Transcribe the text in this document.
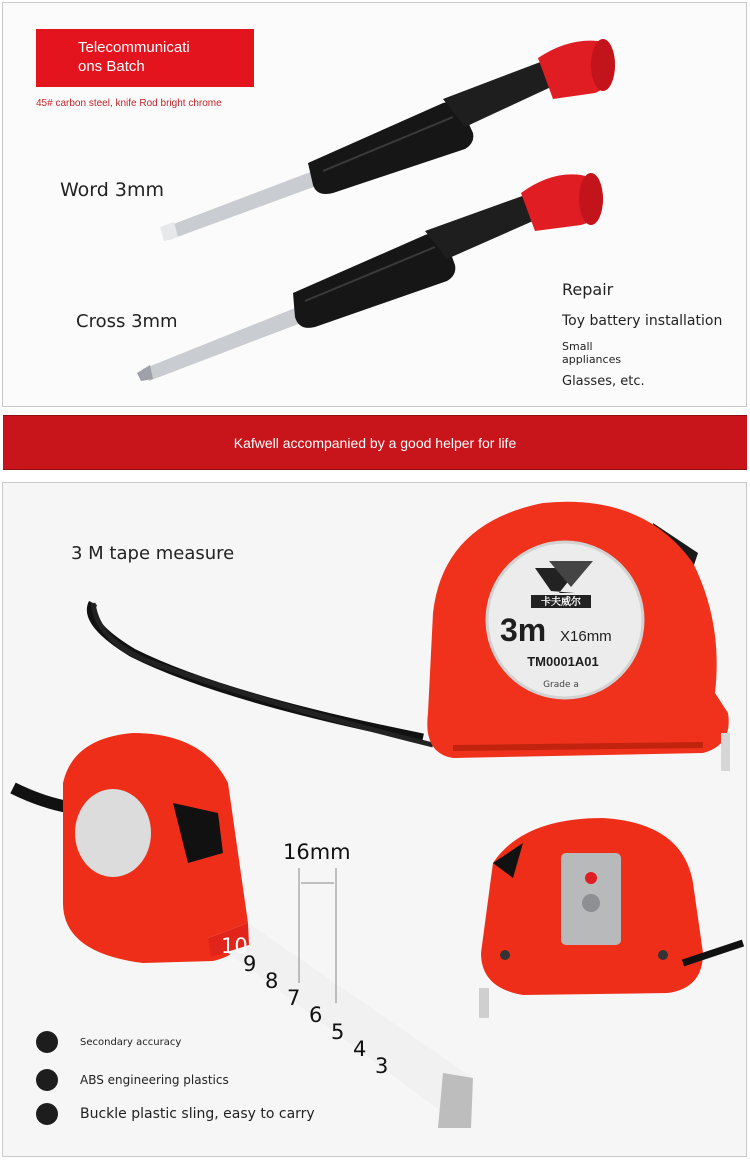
Telecommunicati
ons Batch
45# carbon steel, knife Rod bright chrome
Word 3mm
Cross 3mm
Repair
Toy battery installation
Small appliances
Glasses, etc.
Kafwell accompanied by a good helper for life
卡夫威尔
3m X16mm
TM0001A01
Grade a
10
9
8
7
6
5
4
3
3 M tape measure
16mm
Secondary accuracy
ABS engineering plastics
Buckle plastic sling, easy to carry
